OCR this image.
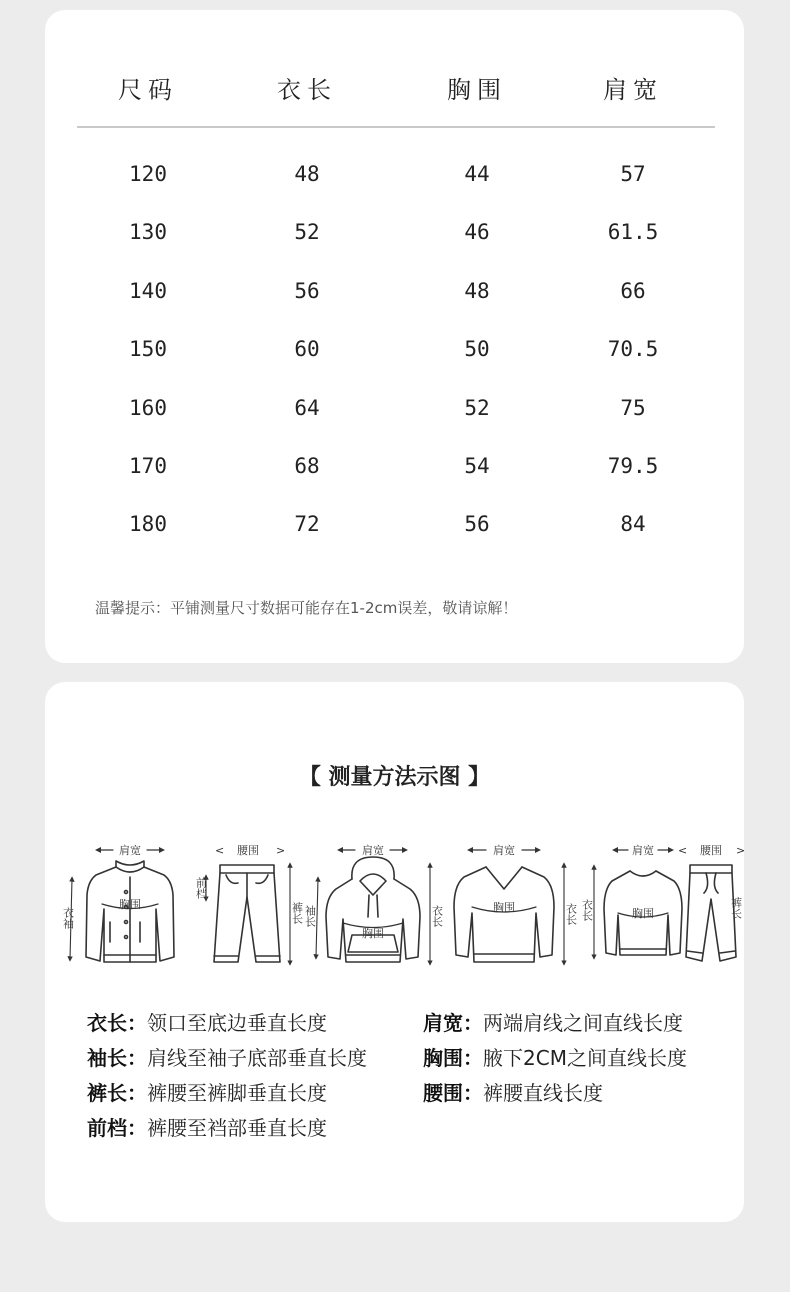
尺码	衣长	胸围	肩宽
120	48	44	57
130	52	46	61.5
140	56	48	66
150	60	50	70.5
160	64	52	75
170	68	54	79.5
180	72	56	84
温馨提示：平铺测量尺寸数据可能存在1-2cm误差，敬请谅解！
【 测量方法示图 】
肩宽
胸围
衣袖
腰围
<	>
前档
裤长
肩宽
胸围
袖长	衣长
肩宽
胸围	衣长
肩宽
胸围
衣长
腰围
<	>
裤长
衣长：领口至底边垂直长度	肩宽：两端肩线之间直线长度
袖长：肩线至袖子底部垂直长度	胸围：腋下2CM之间直线长度
裤长：裤腰至裤脚垂直长度	腰围：裤腰直线长度
前档：裤腰至裆部垂直长度
